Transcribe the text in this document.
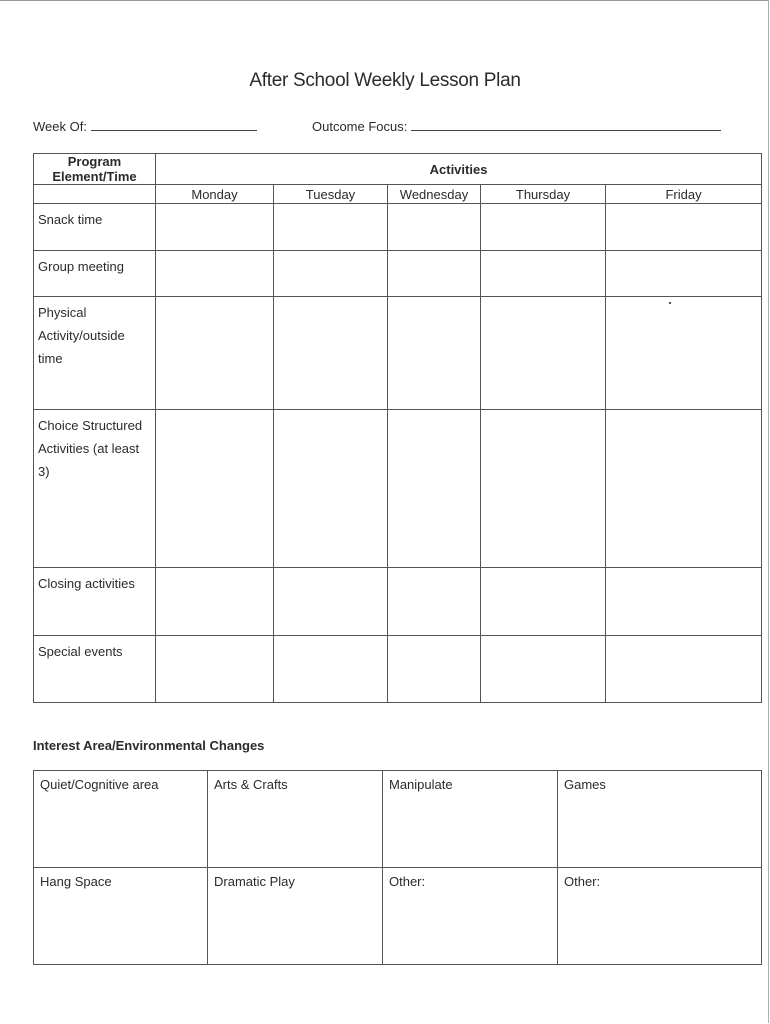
After School Weekly Lesson Plan
Week Of:	Outcome Focus:
Program Element/Time	Activities				
	Monday	Tuesday	Wednesday	Thursday	Friday
Snack time					
Group meeting					
Physical Activity/outside time					
Choice Structured Activities (at least 3)					
Closing activities					
Special events					
Interest Area/Environmental Changes
Quiet/Cognitive area	Arts & Crafts	Manipulate	Games
Hang Space	Dramatic Play	Other:	Other:
